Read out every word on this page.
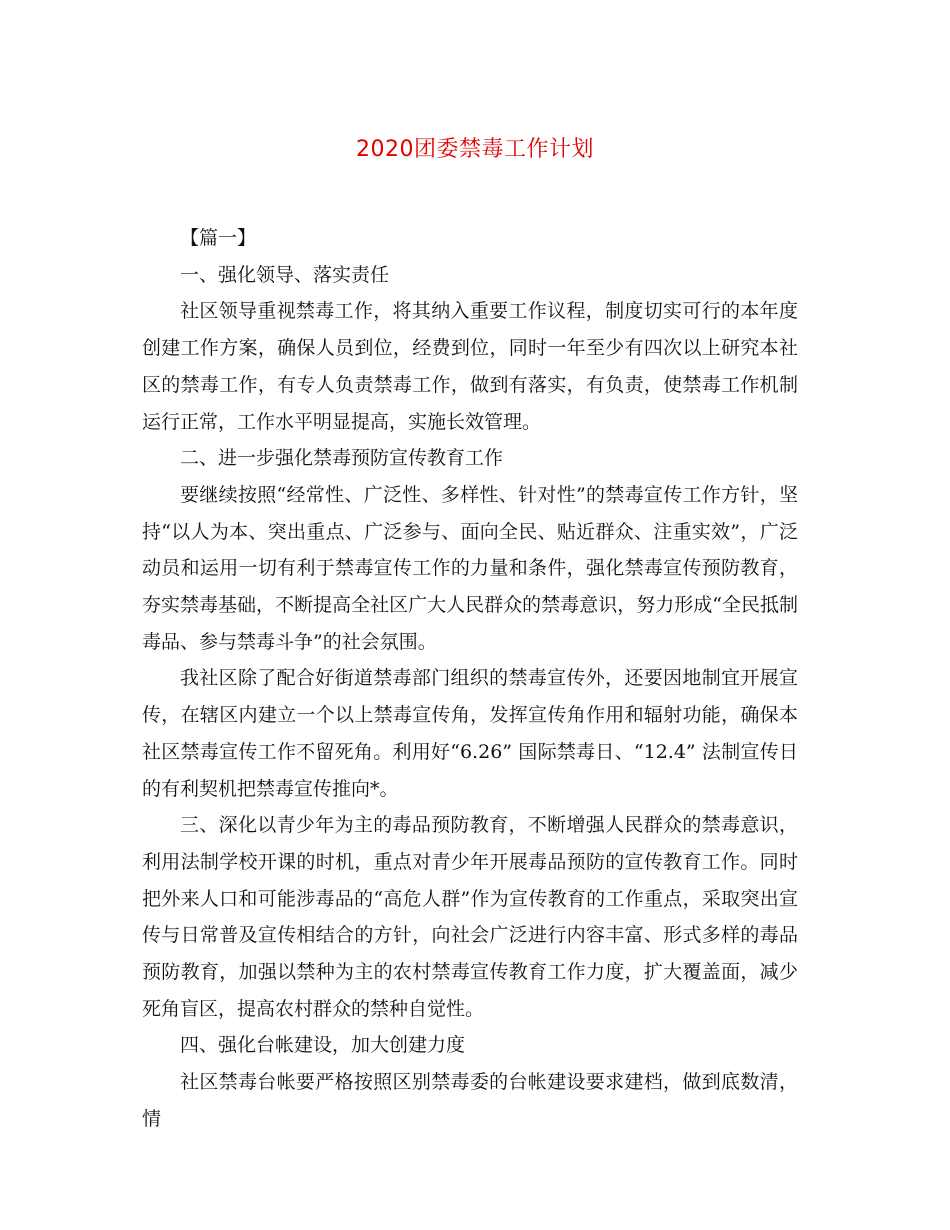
2020团委禁毒工作计划

【篇一】

一、强化领导、落实责任

社区领导重视禁毒工作，将其纳入重要工作议程，制度切实可行的本年度创建工作方案，确保人员到位，经费到位，同时一年至少有四次以上研究本社区的禁毒工作，有专人负责禁毒工作，做到有落实，有负责，使禁毒工作机制运行正常，工作水平明显提高，实施长效管理。

二、进一步强化禁毒预防宣传教育工作

要继续按照“经常性、广泛性、多样性、针对性”的禁毒宣传工作方针，坚持“以人为本、突出重点、广泛参与、面向全民、贴近群众、注重实效”，广泛动员和运用一切有利于禁毒宣传工作的力量和条件，强化禁毒宣传预防教育，夯实禁毒基础，不断提高全社区广大人民群众的禁毒意识，努力形成“全民抵制毒品、参与禁毒斗争”的社会氛围。

我社区除了配合好街道禁毒部门组织的禁毒宣传外，还要因地制宜开展宣传，在辖区内建立一个以上禁毒宣传角，发挥宣传角作用和辐射功能，确保本社区禁毒宣传工作不留死角。利用好“6.26” 国际禁毒日、“12.4” 法制宣传日的有利契机把禁毒宣传推向*。

三、深化以青少年为主的毒品预防教育，不断增强人民群众的禁毒意识，利用法制学校开课的时机，重点对青少年开展毒品预防的宣传教育工作。同时把外来人口和可能涉毒品的“高危人群”作为宣传教育的工作重点，采取突出宣传与日常普及宣传相结合的方针，向社会广泛进行内容丰富、形式多样的毒品预防教育，加强以禁种为主的农村禁毒宣传教育工作力度，扩大覆盖面，减少死角盲区，提高农村群众的禁种自觉性。

四、强化台帐建设，加大创建力度

社区禁毒台帐要严格按照区别禁毒委的台帐建设要求建档，做到底数清，情
